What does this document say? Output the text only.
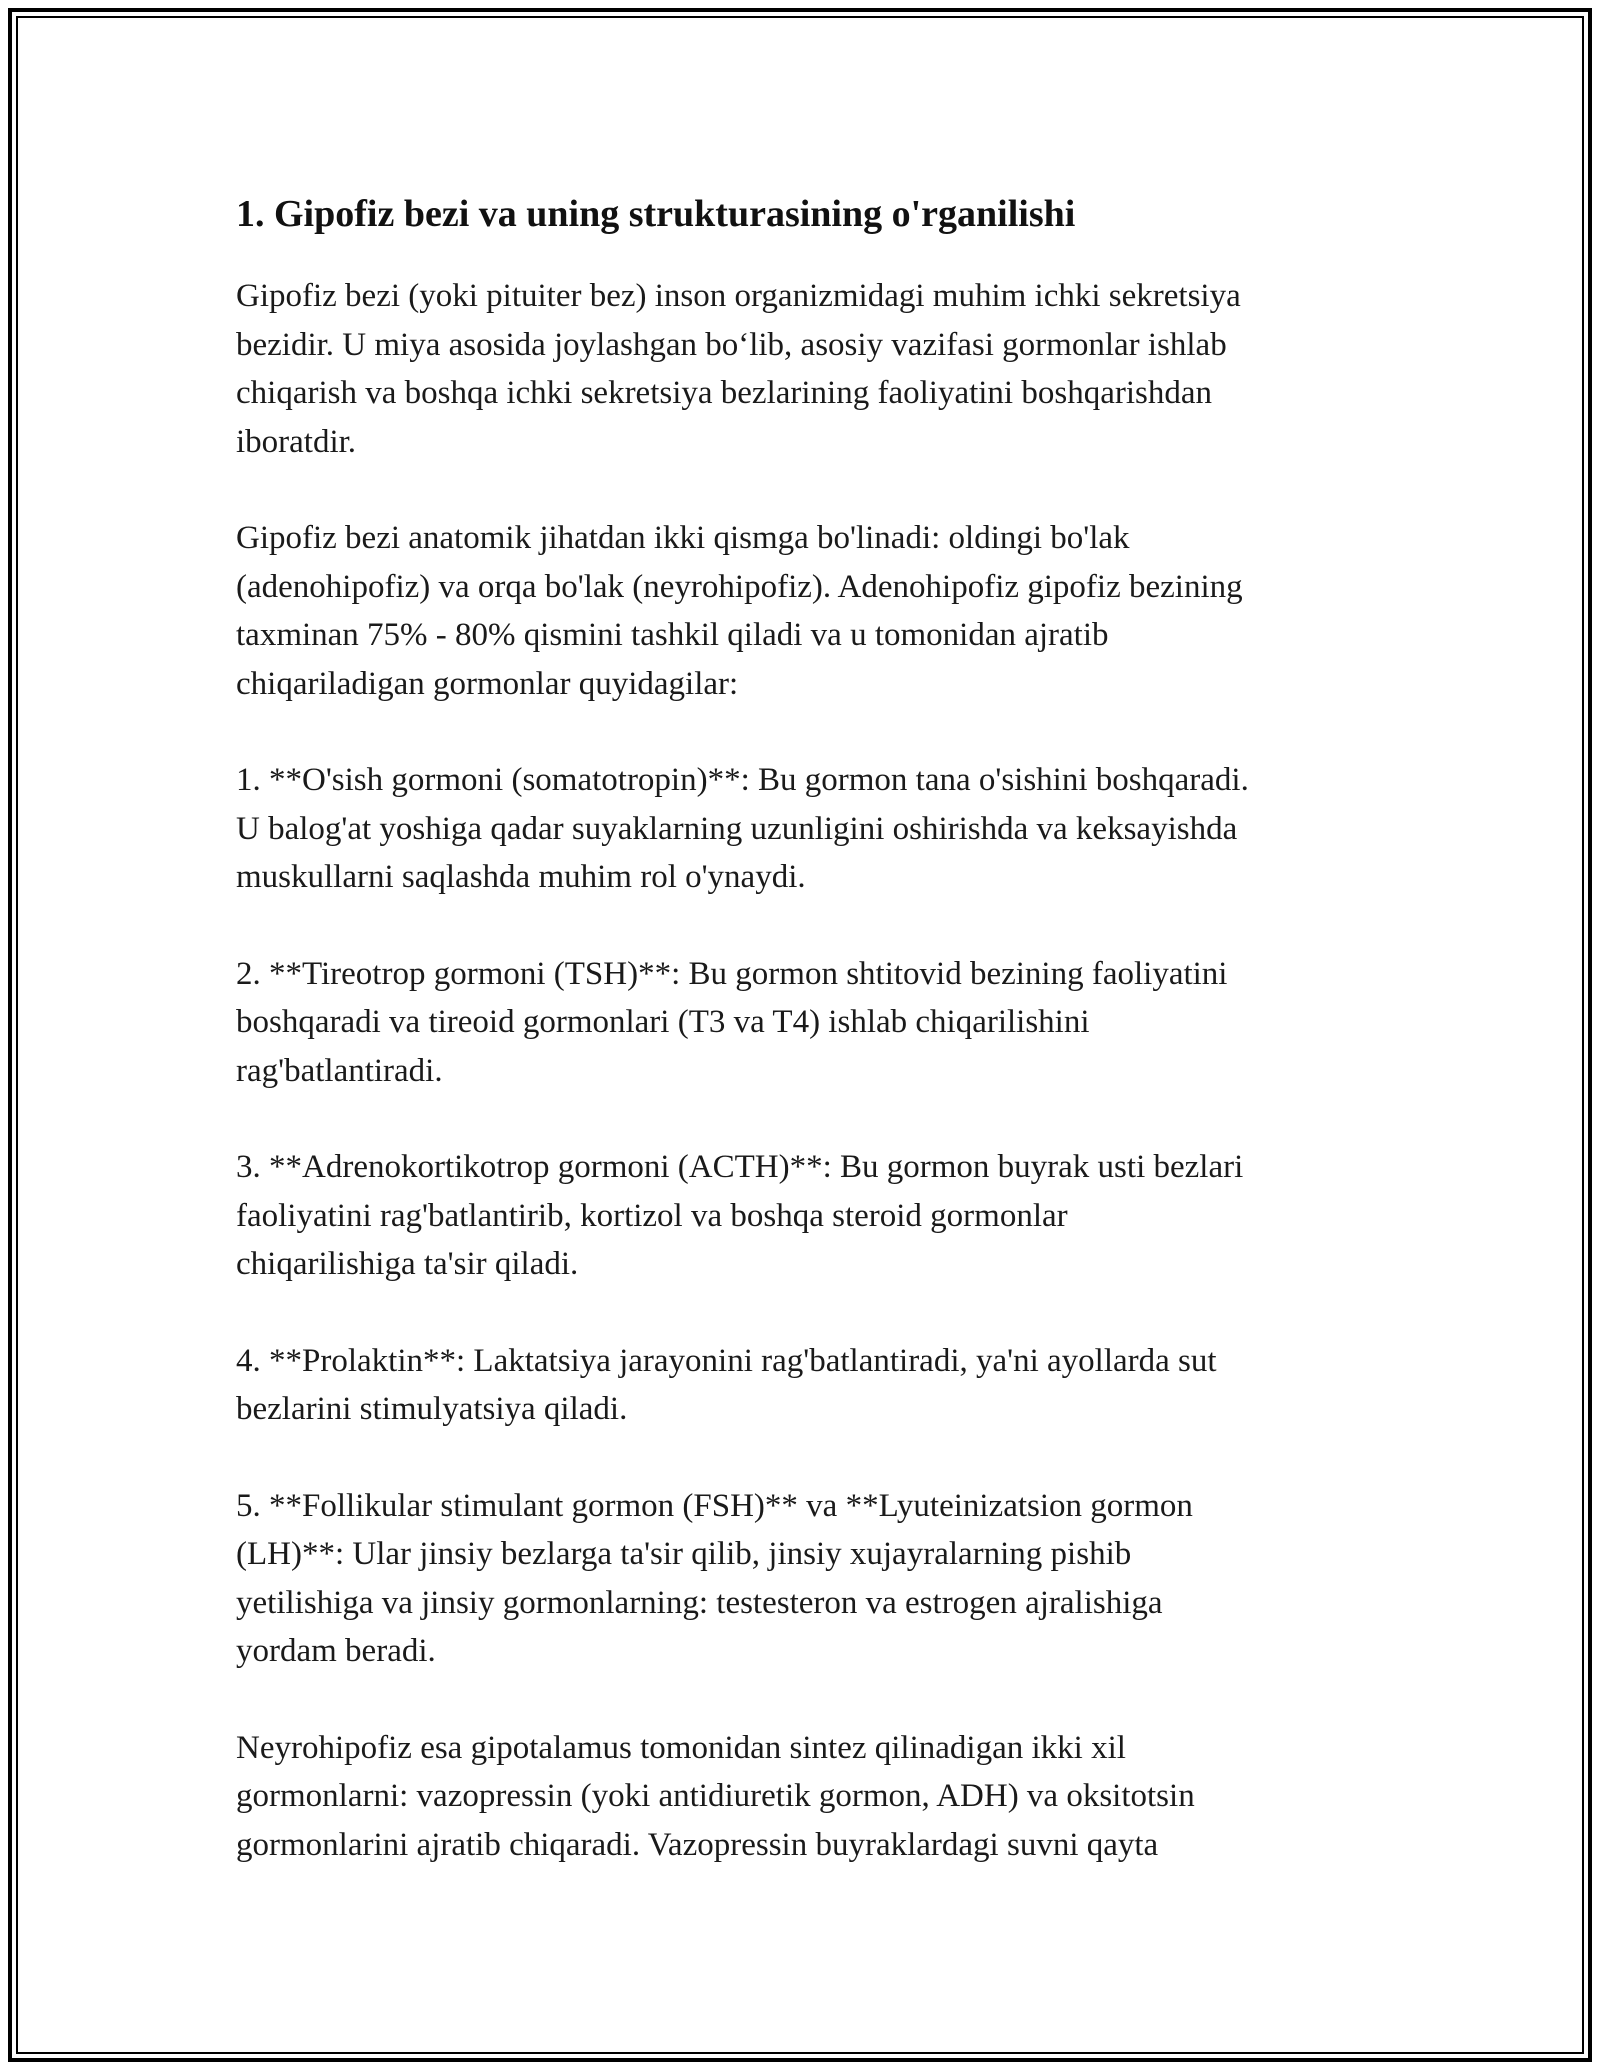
1. Gipofiz bezi va uning strukturasining o'rganilishi

Gipofiz bezi (yoki pituiter bez) inson organizmidagi muhim ichki sekretsiya
bezidir. U miya asosida joylashgan bo‘lib, asosiy vazifasi gormonlar ishlab
chiqarish va boshqa ichki sekretsiya bezlarining faoliyatini boshqarishdan
iboratdir.

Gipofiz bezi anatomik jihatdan ikki qismga bo'linadi: oldingi bo'lak
(adenohipofiz) va orqa bo'lak (neyrohipofiz). Adenohipofiz gipofiz bezining
taxminan 75% - 80% qismini tashkil qiladi va u tomonidan ajratib
chiqariladigan gormonlar quyidagilar:

1. **O'sish gormoni (somatotropin)**: Bu gormon tana o'sishini boshqaradi.
U balog'at yoshiga qadar suyaklarning uzunligini oshirishda va keksayishda
muskullarni saqlashda muhim rol o'ynaydi.

2. **Tireotrop gormoni (TSH)**: Bu gormon shtitovid bezining faoliyatini
boshqaradi va tireoid gormonlari (T3 va T4) ishlab chiqarilishini
rag'batlantiradi.

3. **Adrenokortikotrop gormoni (ACTH)**: Bu gormon buyrak usti bezlari
faoliyatini rag'batlantirib, kortizol va boshqa steroid gormonlar
chiqarilishiga ta'sir qiladi.

4. **Prolaktin**: Laktatsiya jarayonini rag'batlantiradi, ya'ni ayollarda sut
bezlarini stimulyatsiya qiladi.

5. **Follikular stimulant gormon (FSH)** va **Lyuteinizatsion gormon
(LH)**: Ular jinsiy bezlarga ta'sir qilib, jinsiy xujayralarning pishib
yetilishiga va jinsiy gormonlarning: testesteron va estrogen ajralishiga
yordam beradi.

Neyrohipofiz esa gipotalamus tomonidan sintez qilinadigan ikki xil
gormonlarni: vazopressin (yoki antidiuretik gormon, ADH) va oksitotsin
gormonlarini ajratib chiqaradi. Vazopressin buyraklardagi suvni qayta
